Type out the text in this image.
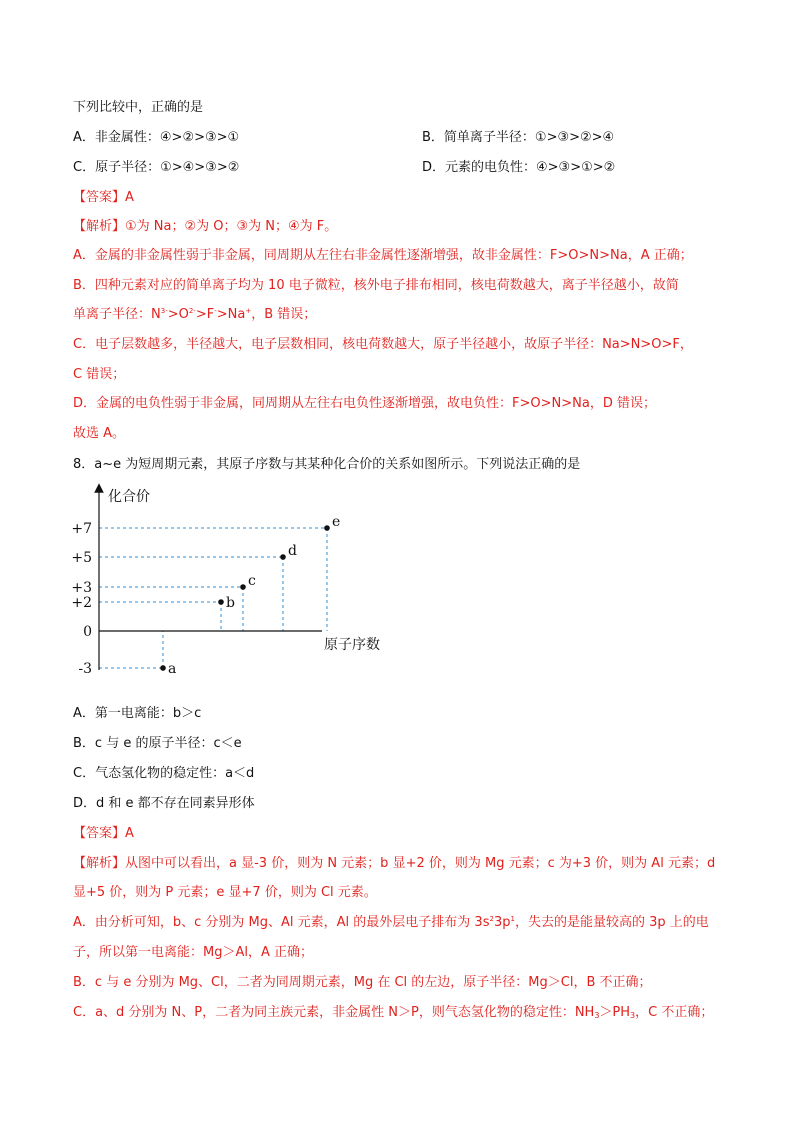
下列比较中，正确的是
A．非金属性：④>②>③>①	B．简单离子半径：①>③>②>④
C．原子半径：①>④>③>②	D．元素的电负性：④>③>①>②
【答案】A
【解析】①为 Na；②为 O；③为 N；④为 F。
A．金属的非金属性弱于非金属，同周期从左往右非金属性逐渐增强，故非金属性：F>O>N>Na，A 正确；
B．四种元素对应的简单离子均为 10 电子微粒，核外电子排布相同，核电荷数越大，离子半径越小，故简
单离子半径：$N^{3-}>O^{2-}>F^->Na^+$，B 错误；
C．电子层数越多，半径越大，电子层数相同，核电荷数越大，原子半径越小，故原子半径：Na>N>O>F，
C 错误；
D．金属的电负性弱于非金属，同周期从左往右电负性逐渐增强，故电负性：F>O>N>Na，D 错误；
故选 A。
8．a~e 为短周期元素，其原子序数与其某种化合价的关系如图所示。下列说法正确的是
化合价
原子序数
+7
+5
+3
+2
0
-3	a
b
c
d
e
A．第一电离能：b＞c
B．c 与 e 的原子半径：c＜e
C．气态氢化物的稳定性：a＜d
D．d 和 e 都不存在同素异形体
【答案】A
【解析】从图中可以看出，a 显-3 价，则为 N 元素；b 显+2 价，则为 Mg 元素；c 为+3 价，则为 Al 元素；d
显+5 价，则为 P 元素；e 显+7 价，则为 Cl 元素。
A．由分析可知，b、c 分别为 Mg、Al 元素，Al 的最外层电子排布为 $3s^23p^1$，失去的是能量较高的 3p 上的电
子，所以第一电离能：Mg＞Al，A 正确；
B．c 与 e 分别为 Mg、Cl，二者为同周期元素，Mg 在 Cl 的左边，原子半径：Mg＞Cl，B 不正确；
C．a、d 分别为 N、P，二者为同主族元素，非金属性 N＞P，则气态氢化物的稳定性：$NH_3>PH_3$，C 不正确；
